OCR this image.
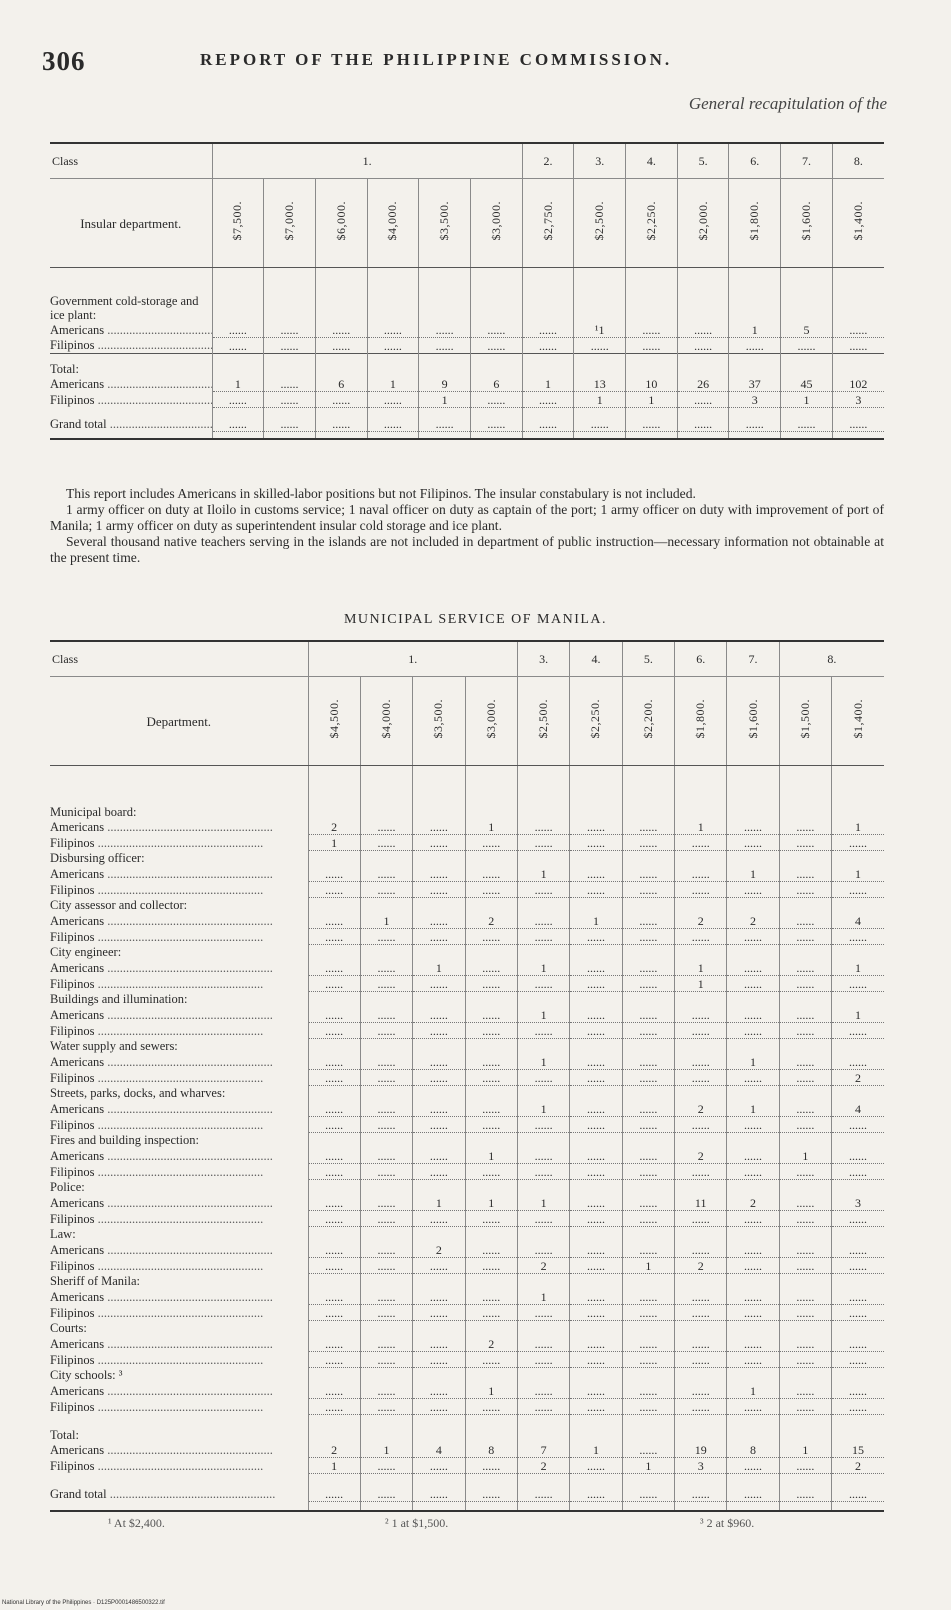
306	REPORT OF THE PHILIPPINE COMMISSION.
General recapitulation of the
Class	1.						2.	3.	4.	5.	6.	7.	8.
Insular department.	$7,500.	$7,000.	$6,000.	$4,000.	$3,500.	$3,000.	$2,750.	$2,500.	$2,250.	$2,000.	$1,800.	$1,600.	$1,400.

Government cold-storage and ice plant:													
Americans .....	......	......	......	......	......	......	......	¹1	......	......	1	5	......
Filipinos .....	......	......	......	......	......	......	......	......	......	......	......	......	......

Total:													
Americans .....	1	......	6	1	9	6	1	13	10	26	37	45	102
Filipinos .....	......	......	......	......	1	......	......	1	1	......	3	1	3

Grand total .....	......	......	......	......	......	......	......	......	......	......	......	......	......

This report includes Americans in skilled-labor positions but not Filipinos. The insular constabulary is not included.

1 army officer on duty at Iloilo in customs service; 1 naval officer on duty as captain of the port; 1 army officer on duty with improvement of port of Manila; 1 army officer on duty as superintendent insular cold storage and ice plant.

Several thousand native teachers serving in the islands are not included in department of public instruction—necessary information not obtainable at the present time.

MUNICIPAL SERVICE OF MANILA.
Class	1.				3.	4.	5.	6.	7.	8.	
Department.	$4,500.	$4,000.	$3,500.	$3,000.	$2,500.	$2,250.	$2,200.	$1,800.	$1,600.	$1,500.	$1,400.

Municipal board:											
Americans .....	2	......	......	1	......	......	......	1	......	......	1
Filipinos .....	1	......	......	......	......	......	......	......	......	......	......
Disbursing officer:											
Americans .....	......	......	......	......	1	......	......	......	1	......	1
Filipinos .....	......	......	......	......	......	......	......	......	......	......	......
City assessor and collector:											
Americans .....	......	1	......	2	......	1	......	2	2	......	4
Filipinos .....	......	......	......	......	......	......	......	......	......	......	......
City engineer:											
Americans .....	......	......	1	......	1	......	......	1	......	......	1
Filipinos .....	......	......	......	......	......	......	......	1	......	......	......
Buildings and illumination:											
Americans .....	......	......	......	......	1	......	......	......	......	......	1
Filipinos .....	......	......	......	......	......	......	......	......	......	......	......
Water supply and sewers:											
Americans .....	......	......	......	......	1	......	......	......	1	......	......
Filipinos .....	......	......	......	......	......	......	......	......	......	......	2
Streets, parks, docks, and wharves:											
Americans .....	......	......	......	......	1	......	......	2	1	......	4
Filipinos .....	......	......	......	......	......	......	......	......	......	......	......
Fires and building inspection:											
Americans .....	......	......	......	1	......	......	......	2	......	1	......
Filipinos .....	......	......	......	......	......	......	......	......	......	......	......
Police:											
Americans .....	......	......	1	1	1	......	......	11	2	......	3
Filipinos .....	......	......	......	......	......	......	......	......	......	......	......
Law:											
Americans .....	......	......	2	......	......	......	......	......	......	......	......
Filipinos .....	......	......	......	......	2	......	1	2	......	......	......
Sheriff of Manila:											
Americans .....	......	......	......	......	1	......	......	......	......	......	......
Filipinos .....	......	......	......	......	......	......	......	......	......	......	......
Courts:											
Americans .....	......	......	......	2	......	......	......	......	......	......	......
Filipinos .....	......	......	......	......	......	......	......	......	......	......	......
City schools: ³											
Americans .....	......	......	......	1	......	......	......	......	1	......	......
Filipinos .....	......	......	......	......	......	......	......	......	......	......	......

Total:											
Americans .....	2	1	4	8	7	1	......	19	8	1	15
Filipinos .....	1	......	......	......	2	......	1	3	......	......	2

Grand total .....	......	......	......	......	......	......	......	......	......	......	......

¹ At $2,400.	² 1 at $1,500.	³ 2 at $960.
National Library of the Philippines · D125P0001486500322.tif
